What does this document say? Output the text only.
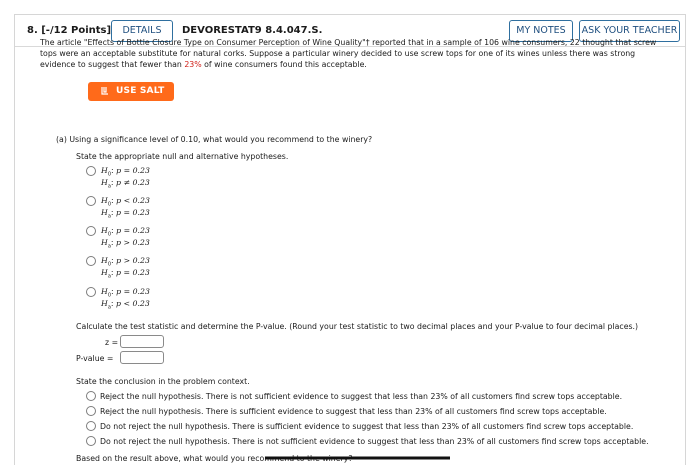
8. [-/12 Points]	DETAILS	DEVORESTAT9 8.4.047.S.	MY NOTES	ASK YOUR TEACHER

The article "Effects of Bottle Closure Type on Consumer Perception of Wine Quality"† reported that in a sample of 106 wine consumers, 22 thought that screw tops were an acceptable substitute for natural corks. Suppose a particular winery decided to use screw tops for one of its wines unless there was strong evidence to suggest that fewer than 23% of wine consumers found this acceptable.

USE SALT
(a) Using a significance level of 0.10, what would you recommend to the winery?
State the appropriate null and alternative hypotheses.
$H_0$: p = 0.23
$H_a$: p ≠ 0.23
$H_0$: p < 0.23
$H_a$: p = 0.23
$H_0$: p = 0.23
$H_a$: p > 0.23
$H_0$: p > 0.23
$H_a$: p = 0.23
$H_0$: p = 0.23
$H_a$: p < 0.23
Calculate the test statistic and determine the P-value. (Round your test statistic to two decimal places and your P-value to four decimal places.)
z =
P-value =
State the conclusion in the problem context.
Reject the null hypothesis. There is not sufficient evidence to suggest that less than 23% of all customers find screw tops acceptable.
Reject the null hypothesis. There is sufficient evidence to suggest that less than 23% of all customers find screw tops acceptable.
Do not reject the null hypothesis. There is sufficient evidence to suggest that less than 23% of all customers find screw tops acceptable.
Do not reject the null hypothesis. There is not sufficient evidence to suggest that less than 23% of all customers find screw tops acceptable.
Based on the result above, what would you recommend to the winery?
